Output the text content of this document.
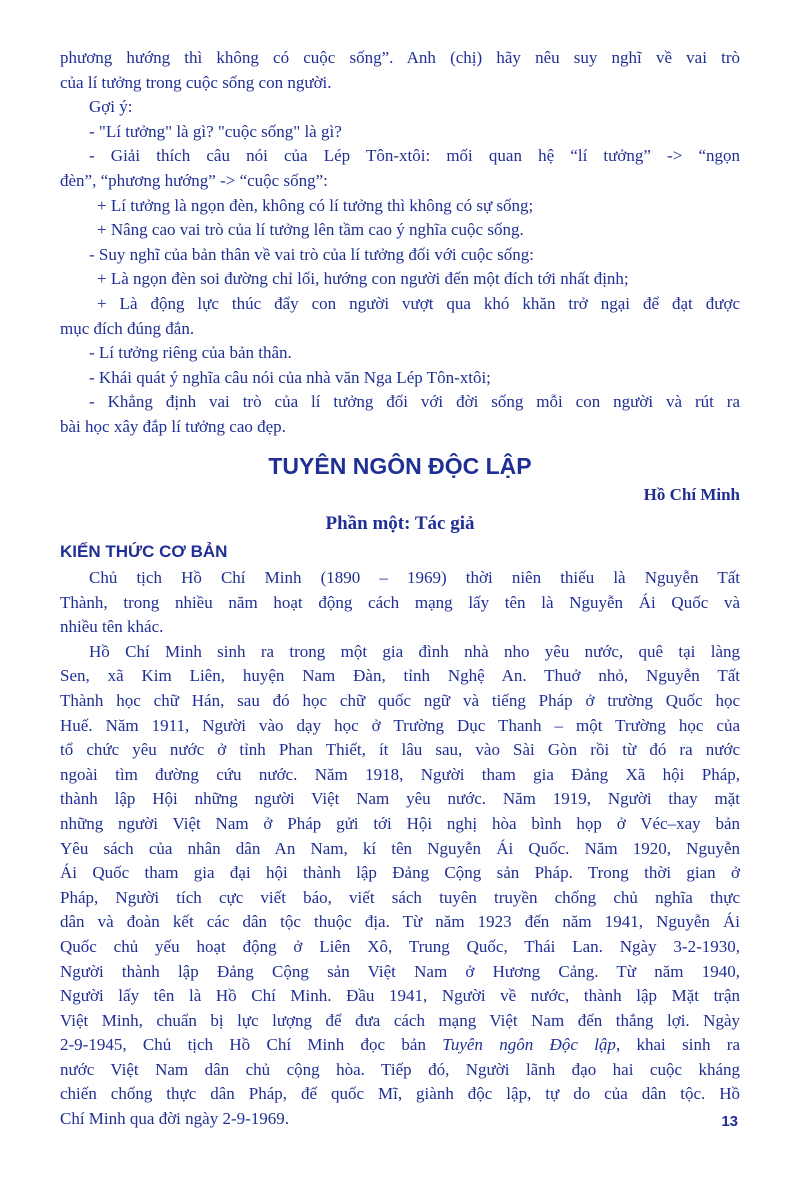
phương hướng thì không có cuộc sống”. Anh (chị) hãy nêu suy nghĩ về vai trò
của lí tưởng trong cuộc sống con người.
Gợi ý:
- "Lí tưởng" là gì? "cuộc sống" là gì?
- Giải thích câu nói của Lép Tôn-xtôi: mối quan hệ “lí tưởng” -> “ngọn
đèn”, “phương hướng” -> “cuộc sống”:
+ Lí tưởng là ngọn đèn, không có lí tưởng thì không có sự sống;
+ Nâng cao vai trò của lí tưởng lên tầm cao ý nghĩa cuộc sống.
- Suy nghĩ của bản thân về vai trò của lí tưởng đối với cuộc sống:
+ Là ngọn đèn soi đường chỉ lối, hướng con người đến một đích tới nhất định;
+ Là động lực thúc đẩy con người vượt qua khó khăn trở ngại để đạt được
mục đích đúng đắn.
- Lí tưởng riêng của bản thân.
- Khái quát ý nghĩa câu nói của nhà văn Nga Lép Tôn-xtôi;
- Khẳng định vai trò của lí tưởng đối với đời sống mỗi con người và rút ra
bài học xây đắp lí tưởng cao đẹp.
TUYÊN NGÔN ĐỘC LẬP
Hồ Chí Minh
Phần một: Tác giả
KIẾN THỨC CƠ BẢN
Chủ tịch Hồ Chí Minh (1890 – 1969) thời niên thiếu là Nguyễn Tất
Thành, trong nhiều năm hoạt động cách mạng lấy tên là Nguyễn Ái Quốc và
nhiều tên khác.
Hồ Chí Minh sinh ra trong một gia đình nhà nho yêu nước, quê tại làng
Sen, xã Kim Liên, huyện Nam Đàn, tỉnh Nghệ An. Thuở nhỏ, Nguyễn Tất
Thành học chữ Hán, sau đó học chữ quốc ngữ và tiếng Pháp ở trường Quốc học
Huế. Năm 1911, Người vào dạy học ở Trường Dục Thanh – một Trường học của
tổ chức yêu nước ở tỉnh Phan Thiết, ít lâu sau, vào Sài Gòn rồi từ đó ra nước
ngoài tìm đường cứu nước. Năm 1918, Người tham gia Đảng Xã hội Pháp,
thành lập Hội những người Việt Nam yêu nước. Năm 1919, Người thay mặt
những người Việt Nam ở Pháp gửi tới Hội nghị hòa bình họp ở Véc–xay bản
Yêu sách của nhân dân An Nam, kí tên Nguyễn Ái Quốc. Năm 1920, Nguyễn
Ái Quốc tham gia đại hội thành lập Đảng Cộng sản Pháp. Trong thời gian ở
Pháp, Người tích cực viết báo, viết sách tuyên truyền chống chủ nghĩa thực
dân và đoàn kết các dân tộc thuộc địa. Từ năm 1923 đến năm 1941, Nguyễn Ái
Quốc chủ yếu hoạt động ở Liên Xô, Trung Quốc, Thái Lan. Ngày 3-2-1930,
Người thành lập Đảng Cộng sản Việt Nam ở Hương Cảng. Từ năm 1940,
Người lấy tên là Hồ Chí Minh. Đầu 1941, Người về nước, thành lập Mặt trận
Việt Minh, chuẩn bị lực lượng để đưa cách mạng Việt Nam đến thắng lợi. Ngày
2-9-1945, Chủ tịch Hồ Chí Minh đọc bản Tuyên ngôn Độc lập, khai sinh ra
nước Việt Nam dân chủ cộng hòa. Tiếp đó, Người lãnh đạo hai cuộc kháng
chiến chống thực dân Pháp, đế quốc Mĩ, giành độc lập, tự do của dân tộc. Hồ
Chí Minh qua đời ngày 2-9-1969.	13
